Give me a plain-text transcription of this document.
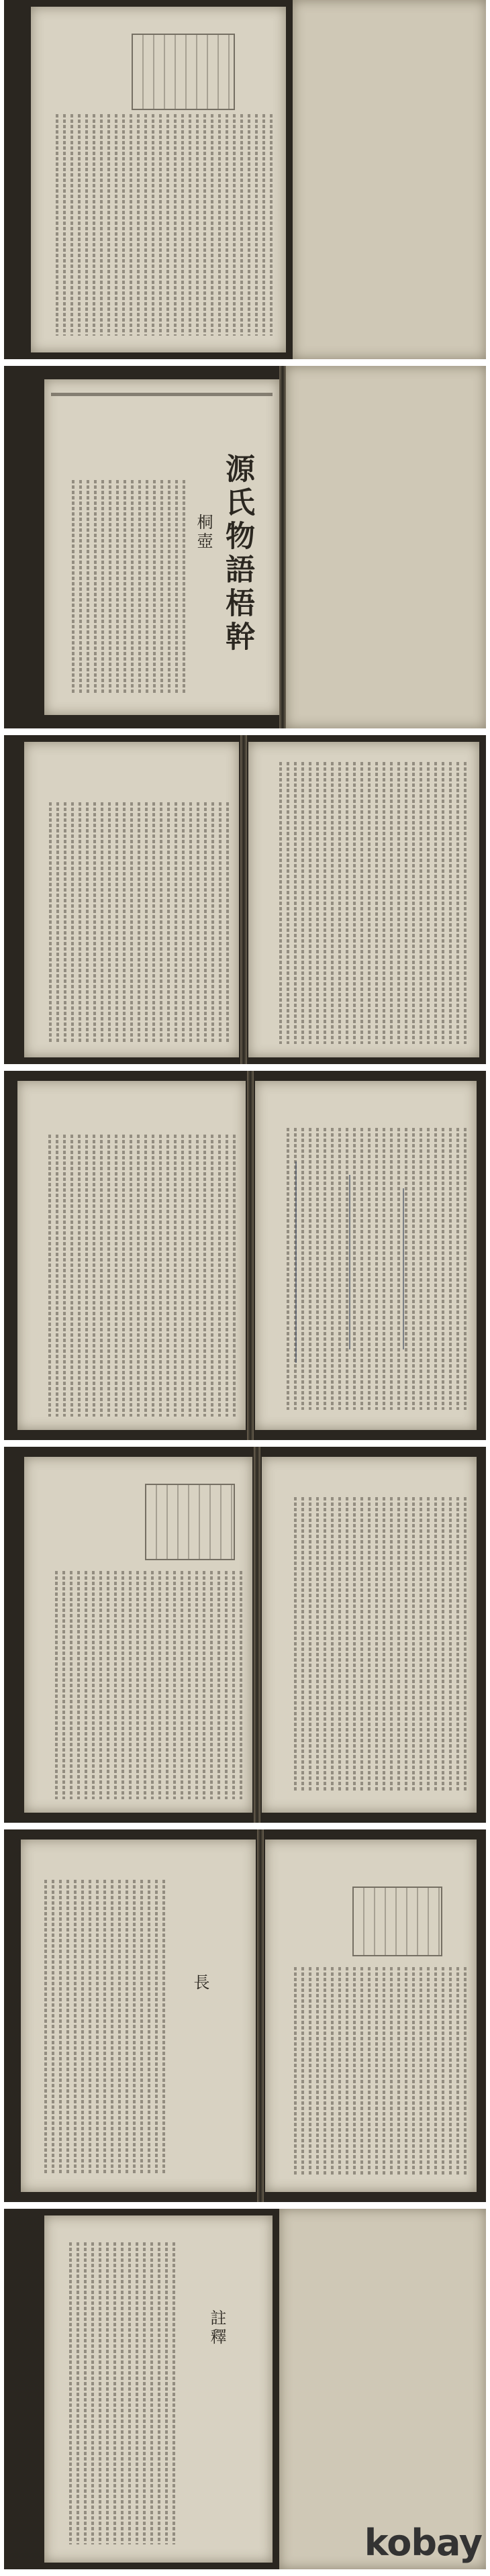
源氏物語梧幹
桐壺
長
註釋
kobay
